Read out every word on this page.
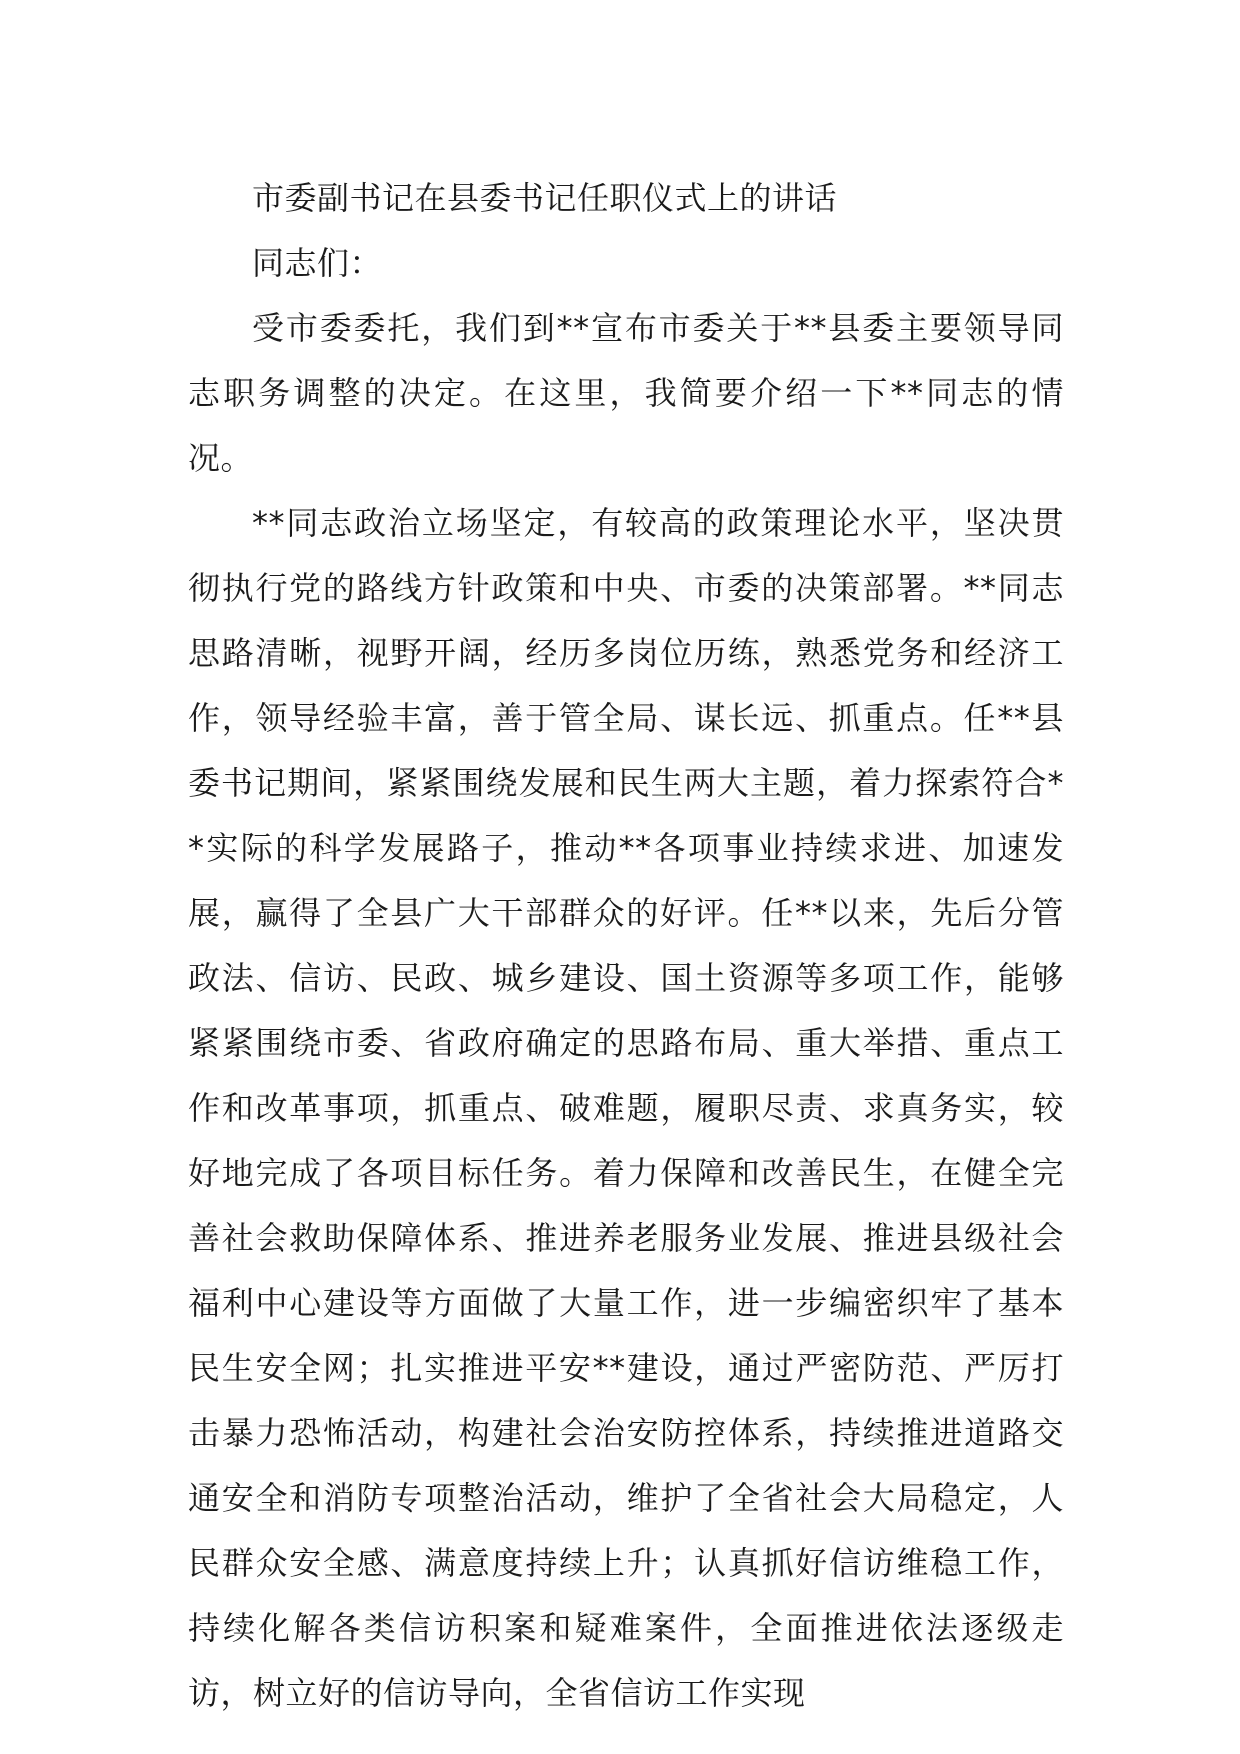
市委副书记在县委书记任职仪式上的讲话

同志们：

受市委委托，我们到**宣布市委关于**县委主要领导同志职务调整的决定。在这里，我简要介绍一下**同志的情况。

**同志政治立场坚定，有较高的政策理论水平，坚决贯彻执行党的路线方针政策和中央、市委的决策部署。**同志思路清晰，视野开阔，经历多岗位历练，熟悉党务和经济工作，领导经验丰富，善于管全局、谋长远、抓重点。任**县委书记期间，紧紧围绕发展和民生两大主题，着力探索符合**实际的科学发展路子，推动**各项事业持续求进、加速发展，赢得了全县广大干部群众的好评。任**以来，先后分管政法、信访、民政、城乡建设、国土资源等多项工作，能够紧紧围绕市委、省政府确定的思路布局、重大举措、重点工作和改革事项，抓重点、破难题，履职尽责、求真务实，较好地完成了各项目标任务。着力保障和改善民生，在健全完善社会救助保障体系、推进养老服务业发展、推进县级社会福利中心建设等方面做了大量工作，进一步编密织牢了基本民生安全网；扎实推进平安**建设，通过严密防范、严厉打击暴力恐怖活动，构建社会治安防控体系，持续推进道路交通安全和消防专项整治活动，维护了全省社会大局稳定，人民群众安全感、满意度持续上升；认真抓好信访维稳工作，持续化解各类信访积案和疑难案件，全面推进依法逐级走访，树立好的信访导向，全省信访工作实现
